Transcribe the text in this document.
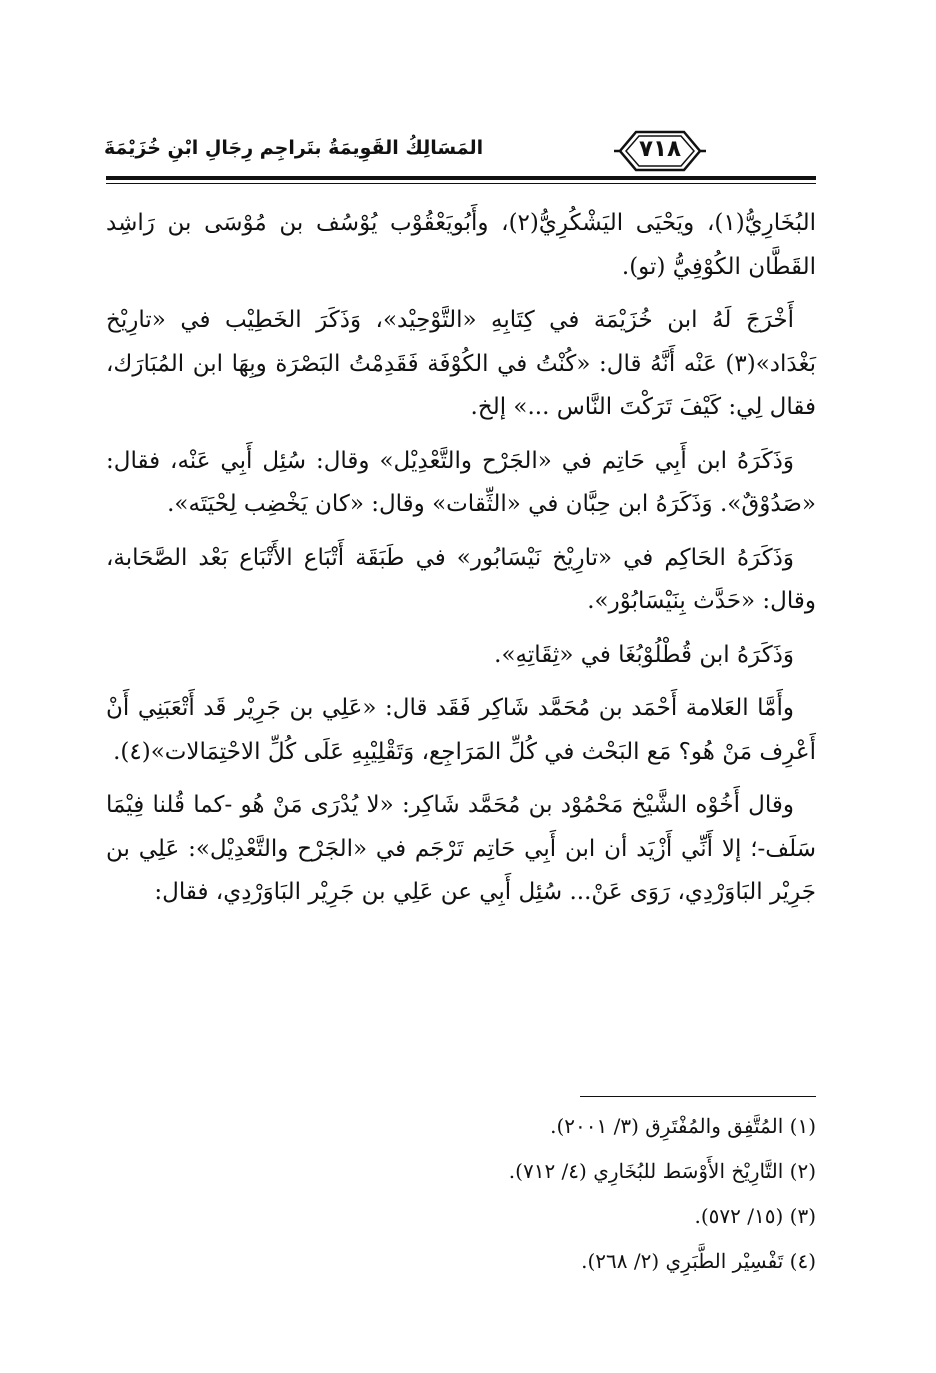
المَسَالِكُ القَوِيمَةُ بتَراجِم رِجَالِ ابْنِ خُزَيْمَةَ	٧١٨

البُخَارِيُّ(١)، ويَحْيَى اليَشْكُرِيُّ(٢)، وأَبُويَعْقُوْب يُوْسُف بن مُوْسَى بن رَاشِد القَطَّان الكُوْفِيُّ (تو).

أَخْرَجَ لَهُ ابن خُزَيْمَة في كِتَابِهِ «التَّوْحِيْد»، وَذَكَرَ الخَطِيْب في «تارِيْخ بَغْدَاد»(٣) عَنْه أَنَّهُ قال: «كُنْتُ في الكُوْفَة فَقَدِمْتُ البَصْرَة وبِهَا ابن المُبَارَك، فقال لِي: كَيْفَ تَرَكْتَ النَّاس ...» إلخ.

وَذَكَرَهُ ابن أَبِي حَاتِم في «الجَرْح والتَّعْدِيْل» وقال: سُئِل أَبِي عَنْه، فقال: «صَدُوْقٌ». وَذَكَرَهُ ابن حِبَّان في «الثِّقات» وقال: «كان يَخْضِب لِحْيَتَه».

وَذَكَرَهُ الحَاكِم في «تارِيْخ نَيْسَابُور» في طَبَقَة أَتْبَاع الأَتْبَاع بَعْد الصَّحَابة، وقال: «حَدَّث بِنَيْسَابُوْر».

وَذَكَرَهُ ابن قُطْلُوْبُغَا في «ثِقَاتِهِ».

وأَمَّا العَلامة أَحْمَد بن مُحَمَّد شَاكِر فَقَد قال: «عَلِي بن جَرِيْر قَد أَتْعَبَنِي أَنْ أَعْرِف مَنْ هُو؟ مَع البَحْث في كُلِّ المَرَاجِع، وَتَقْلِيْبِهِ عَلَى كُلِّ الاحْتِمَالات»(٤).

وقال أَخُوْه الشَّيْخ مَحْمُوْد بن مُحَمَّد شَاكِر: «لا يُدْرَى مَنْ هُو -كما قُلنا فِيْمَا سَلَف-؛ إلا أَنِّي أَزْيَد أن ابن أَبِي حَاتِم تَرْجَم في «الجَرْح والتَّعْدِيْل»: عَلِي بن جَرِيْر البَاوَرْدِي، رَوَى عَنْ... سُئِل أَبِي عن عَلِي بن جَرِيْر البَاوَرْدِي، فقال:

(١) المُتَّفِق والمُفْتَرِق (٣/ ٢٠٠١).
(٢) التَّارِيْخ الأَوْسَط للبُخَارِي (٤/ ٧١٢).
(٣) (١٥/ ٥٧٢).
(٤) تَفْسِيْر الطَّبَرِي (٢/ ٢٦٨).
